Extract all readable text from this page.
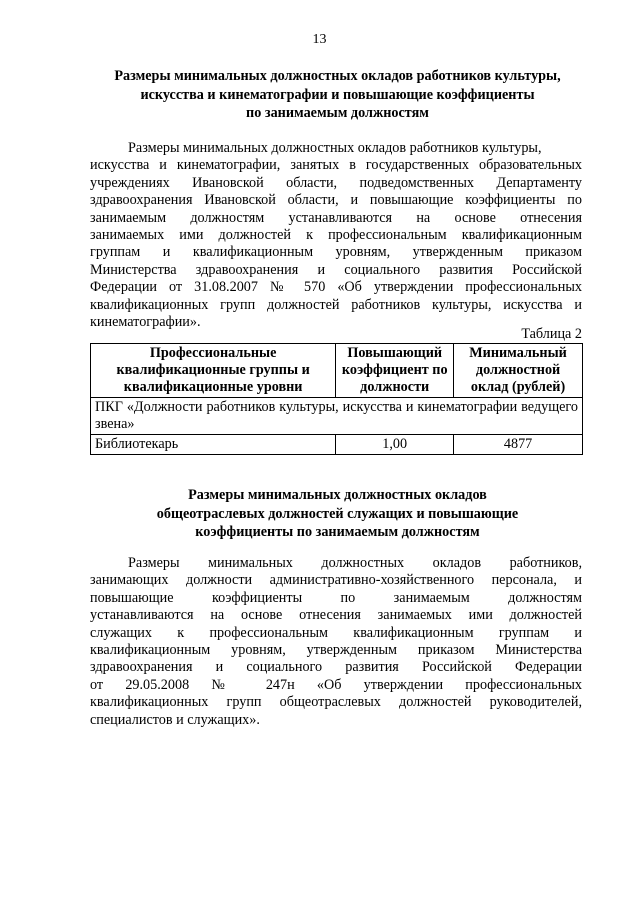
13
Размеры минимальных должностных окладов работников культуры,
искусства и кинематографии и повышающие коэффициенты
по занимаемым должностям
Размеры минимальных должностных окладов работников культуры,
искусства и кинематографии, занятых в государственных образовательных
учреждениях Ивановской области, подведомственных Департаменту
здравоохранения Ивановской области, и повышающие коэффициенты по
занимаемым должностям устанавливаются на основе отнесения
занимаемых ими должностей к профессиональным квалификационным
группам и квалификационным уровням, утвержденным приказом
Министерства здравоохранения и социального развития Российской
Федерации от 31.08.2007 № 570 «Об утверждении профессиональных
квалификационных групп должностей работников культуры, искусства и
кинематографии».
Таблица 2
Профессиональные квалификационные группы и квалификационные уровни	Повышающий коэффициент по должности	Минимальный должностной оклад (рублей)
ПКГ «Должности работников культуры, искусства и кинематографии ведущего звена»		
Библиотекарь	1,00	4877
Размеры минимальных должностных окладов
общеотраслевых должностей служащих и повышающие
коэффициенты по занимаемым должностям
Размеры минимальных должностных окладов работников,
занимающих должности административно-хозяйственного персонала, и
повышающие коэффициенты по занимаемым должностям
устанавливаются на основе отнесения занимаемых ими должностей
служащих к профессиональным квалификационным группам и
квалификационным уровням, утвержденным приказом Министерства
здравоохранения и социального развития Российской Федерации
от 29.05.2008 № 247н «Об утверждении профессиональных
квалификационных групп общеотраслевых должностей руководителей,
специалистов и служащих».
